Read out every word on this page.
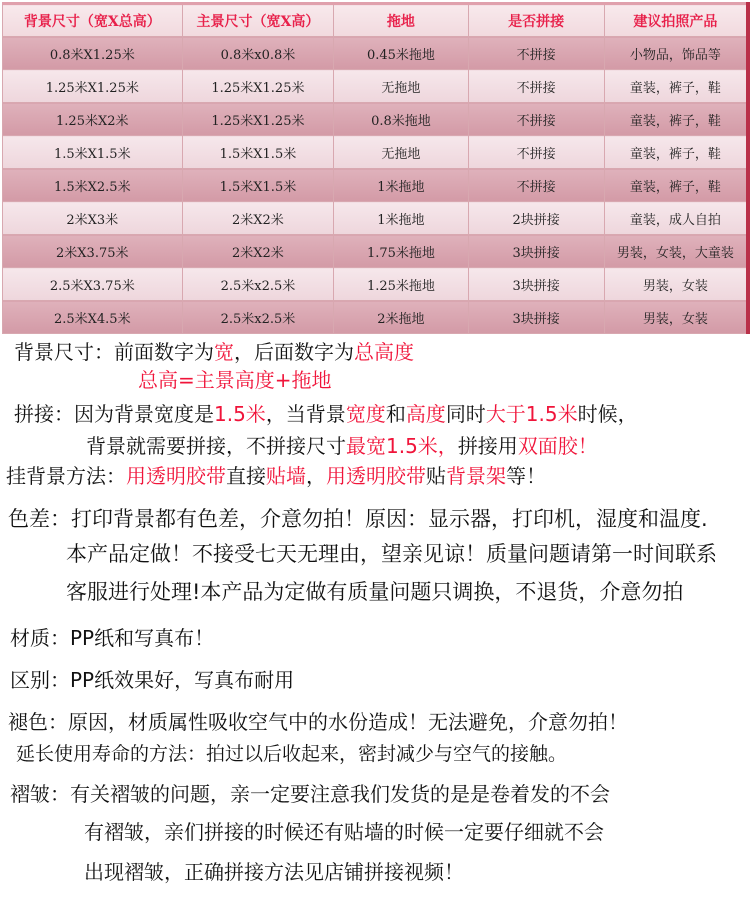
背景尺寸（宽X总高）	主景尺寸（宽X高）	拖地	是否拼接	建议拍照产品
0.8米X1.25米	0.8米x0.8米	0.45米拖地	不拼接	小物品，饰品等
1.25米X1.25米	1.25米X1.25米	无拖地	不拼接	童装，裤子，鞋
1.25米X2米	1.25米X1.25米	0.8米拖地	不拼接	童装，裤子，鞋
1.5米X1.5米	1.5米X1.5米	无拖地	不拼接	童装，裤子，鞋
1.5米X2.5米	1.5米X1.5米	1米拖地	不拼接	童装，裤子，鞋
2米X3米	2米X2米	1米拖地	2块拼接	童装，成人自拍
2米X3.75米	2米X2米	1.75米拖地	3块拼接	男装，女装，大童装
2.5米X3.75米	2.5米x2.5米	1.25米拖地	3块拼接	男装，女装
2.5米X4.5米	2.5米x2.5米	2米拖地	3块拼接	男装，女装
背景尺寸：前面数字为宽，后面数字为总高度
总高=主景高度+拖地
拼接：因为背景宽度是1.5米，当背景宽度和高度同时大于1.5米时候，
背景就需要拼接，不拼接尺寸最宽1.5米，拼接用双面胶！
挂背景方法：用透明胶带直接贴墙，用透明胶带贴背景架等！
色差：打印背景都有色差，介意勿拍！原因：显示器，打印机，湿度和温度.
本产品定做！不接受七天无理由，望亲见谅！质量问题请第一时间联系
客服进行处理!本产品为定做有质量问题只调换，不退货，介意勿拍
材质：PP纸和写真布！
区别：PP纸效果好，写真布耐用
褪色：原因，材质属性吸收空气中的水份造成！无法避免，介意勿拍！
延长使用寿命的方法：拍过以后收起来，密封减少与空气的接触。
褶皱：有关褶皱的问题，亲一定要注意我们发货的是是卷着发的不会
有褶皱，亲们拼接的时候还有贴墙的时候一定要仔细就不会
出现褶皱，正确拼接方法见店铺拼接视频！
